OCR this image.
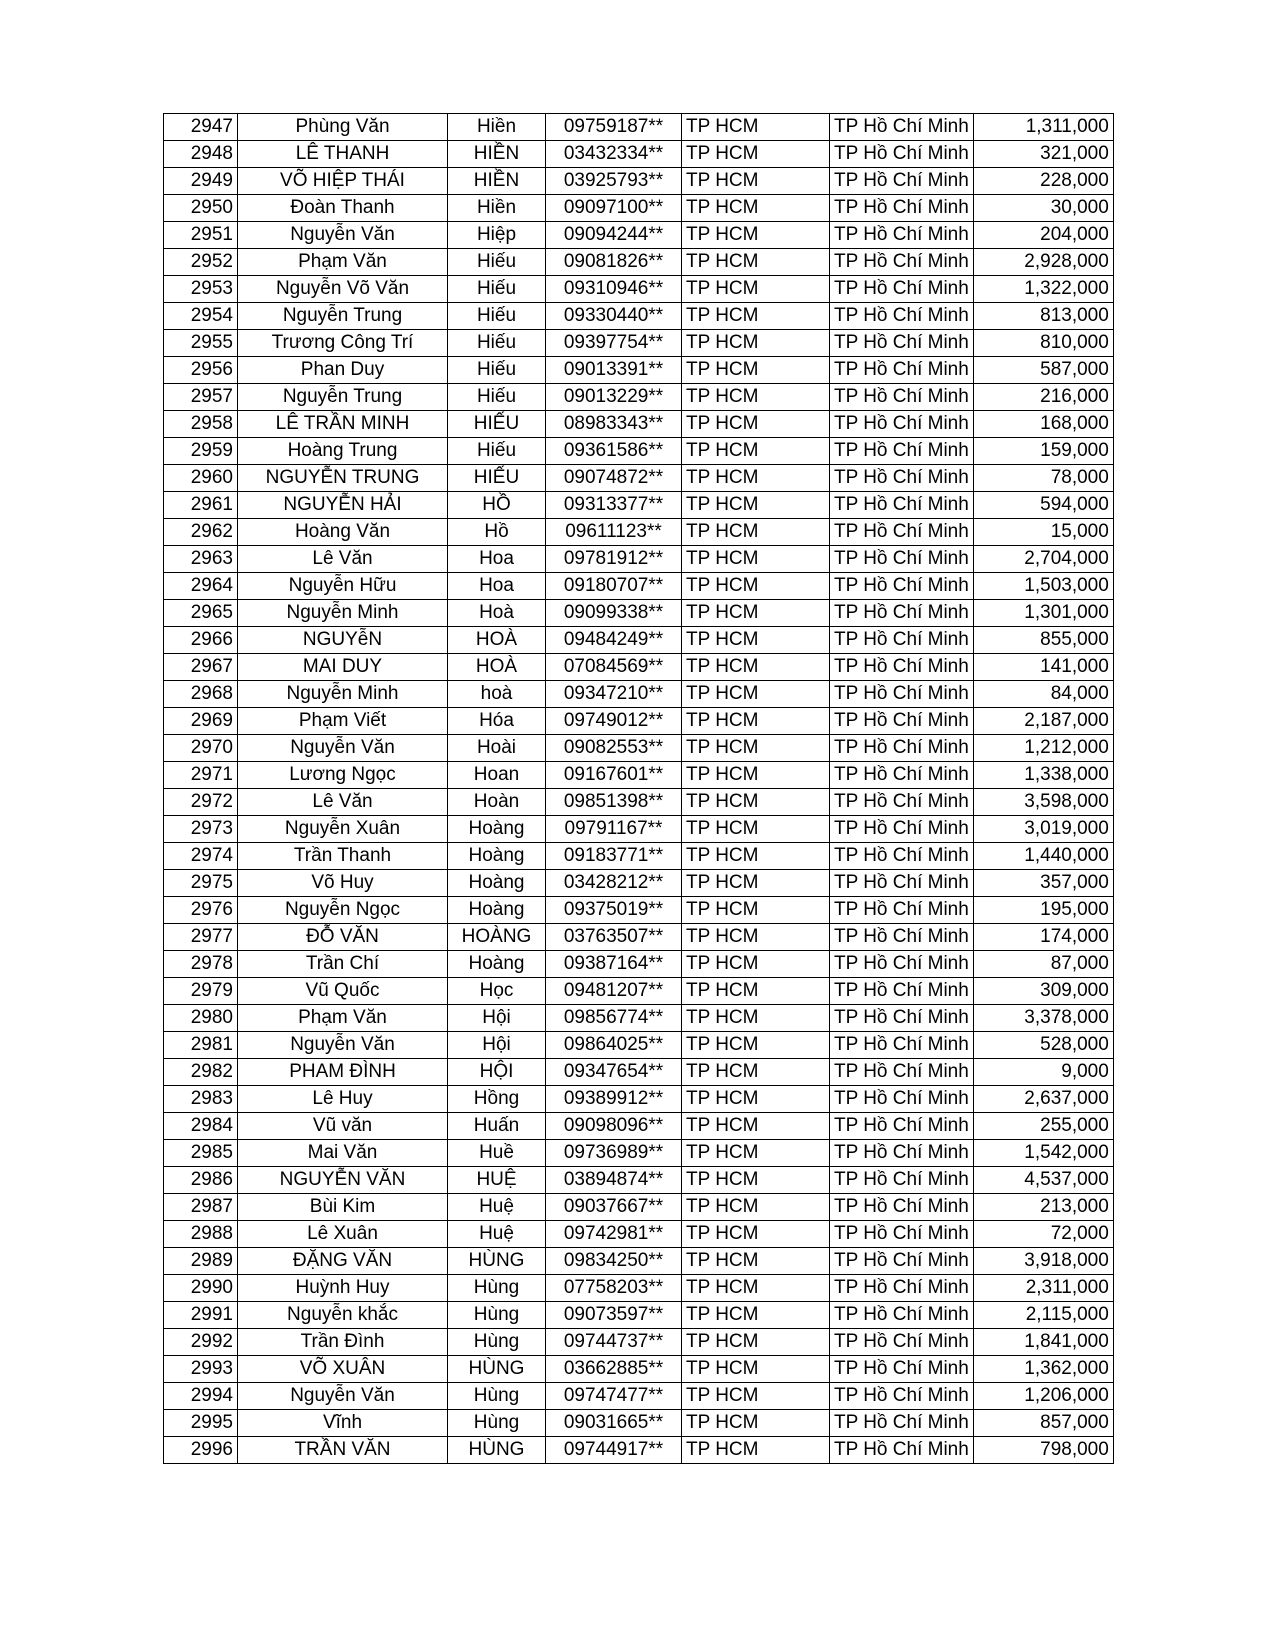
2947	Phùng Văn	Hiền	09759187**	TP HCM	TP Hồ Chí Minh	1,311,000
2948	LÊ THANH	HIỀN	03432334**	TP HCM	TP Hồ Chí Minh	321,000
2949	VÕ HIỆP THÁI	HIỀN	03925793**	TP HCM	TP Hồ Chí Minh	228,000
2950	Đoàn Thanh	Hiền	09097100**	TP HCM	TP Hồ Chí Minh	30,000
2951	Nguyễn Văn	Hiệp	09094244**	TP HCM	TP Hồ Chí Minh	204,000
2952	Phạm Văn	Hiếu	09081826**	TP HCM	TP Hồ Chí Minh	2,928,000
2953	Nguyễn Võ Văn	Hiếu	09310946**	TP HCM	TP Hồ Chí Minh	1,322,000
2954	Nguyễn Trung	Hiếu	09330440**	TP HCM	TP Hồ Chí Minh	813,000
2955	Trương Công Trí	Hiếu	09397754**	TP HCM	TP Hồ Chí Minh	810,000
2956	Phan Duy	Hiếu	09013391**	TP HCM	TP Hồ Chí Minh	587,000
2957	Nguyễn Trung	Hiếu	09013229**	TP HCM	TP Hồ Chí Minh	216,000
2958	LÊ TRẦN MINH	HIẾU	08983343**	TP HCM	TP Hồ Chí Minh	168,000
2959	Hoàng Trung	Hiếu	09361586**	TP HCM	TP Hồ Chí Minh	159,000
2960	NGUYỄN TRUNG	HIẾU	09074872**	TP HCM	TP Hồ Chí Minh	78,000
2961	NGUYỄN HẢI	HỒ	09313377**	TP HCM	TP Hồ Chí Minh	594,000
2962	Hoàng Văn	Hồ	09611123**	TP HCM	TP Hồ Chí Minh	15,000
2963	Lê Văn	Hoa	09781912**	TP HCM	TP Hồ Chí Minh	2,704,000
2964	Nguyễn Hữu	Hoa	09180707**	TP HCM	TP Hồ Chí Minh	1,503,000
2965	Nguyễn Minh	Hoà	09099338**	TP HCM	TP Hồ Chí Minh	1,301,000
2966	NGUYễN	HOÀ	09484249**	TP HCM	TP Hồ Chí Minh	855,000
2967	MAI DUY	HOÀ	07084569**	TP HCM	TP Hồ Chí Minh	141,000
2968	Nguyễn Minh	hoà	09347210**	TP HCM	TP Hồ Chí Minh	84,000
2969	Phạm Viết	Hóa	09749012**	TP HCM	TP Hồ Chí Minh	2,187,000
2970	Nguyễn Văn	Hoài	09082553**	TP HCM	TP Hồ Chí Minh	1,212,000
2971	Lương Ngọc	Hoan	09167601**	TP HCM	TP Hồ Chí Minh	1,338,000
2972	Lê Văn	Hoàn	09851398**	TP HCM	TP Hồ Chí Minh	3,598,000
2973	Nguyễn Xuân	Hoàng	09791167**	TP HCM	TP Hồ Chí Minh	3,019,000
2974	Trần Thanh	Hoàng	09183771**	TP HCM	TP Hồ Chí Minh	1,440,000
2975	Võ Huy	Hoàng	03428212**	TP HCM	TP Hồ Chí Minh	357,000
2976	Nguyễn Ngọc	Hoàng	09375019**	TP HCM	TP Hồ Chí Minh	195,000
2977	ĐỖ VĂN	HOÀNG	03763507**	TP HCM	TP Hồ Chí Minh	174,000
2978	Trần Chí	Hoàng	09387164**	TP HCM	TP Hồ Chí Minh	87,000
2979	Vũ Quốc	Học	09481207**	TP HCM	TP Hồ Chí Minh	309,000
2980	Phạm Văn	Hội	09856774**	TP HCM	TP Hồ Chí Minh	3,378,000
2981	Nguyễn Văn	Hội	09864025**	TP HCM	TP Hồ Chí Minh	528,000
2982	PHAM ĐÌNH	HỘI	09347654**	TP HCM	TP Hồ Chí Minh	9,000
2983	Lê Huy	Hồng	09389912**	TP HCM	TP Hồ Chí Minh	2,637,000
2984	Vũ văn	Huấn	09098096**	TP HCM	TP Hồ Chí Minh	255,000
2985	Mai Văn	Huề	09736989**	TP HCM	TP Hồ Chí Minh	1,542,000
2986	NGUYỄN VĂN	HUỆ	03894874**	TP HCM	TP Hồ Chí Minh	4,537,000
2987	Bùi Kim	Huệ	09037667**	TP HCM	TP Hồ Chí Minh	213,000
2988	Lê Xuân	Huệ	09742981**	TP HCM	TP Hồ Chí Minh	72,000
2989	ĐẶNG VĂN	HÙNG	09834250**	TP HCM	TP Hồ Chí Minh	3,918,000
2990	Huỳnh Huy	Hùng	07758203**	TP HCM	TP Hồ Chí Minh	2,311,000
2991	Nguyễn khắc	Hùng	09073597**	TP HCM	TP Hồ Chí Minh	2,115,000
2992	Trần Đình	Hùng	09744737**	TP HCM	TP Hồ Chí Minh	1,841,000
2993	VÕ XUÂN	HÙNG	03662885**	TP HCM	TP Hồ Chí Minh	1,362,000
2994	Nguyễn Văn	Hùng	09747477**	TP HCM	TP Hồ Chí Minh	1,206,000
2995	Vĩnh	Hùng	09031665**	TP HCM	TP Hồ Chí Minh	857,000
2996	TRẦN VĂN	HÙNG	09744917**	TP HCM	TP Hồ Chí Minh	798,000
